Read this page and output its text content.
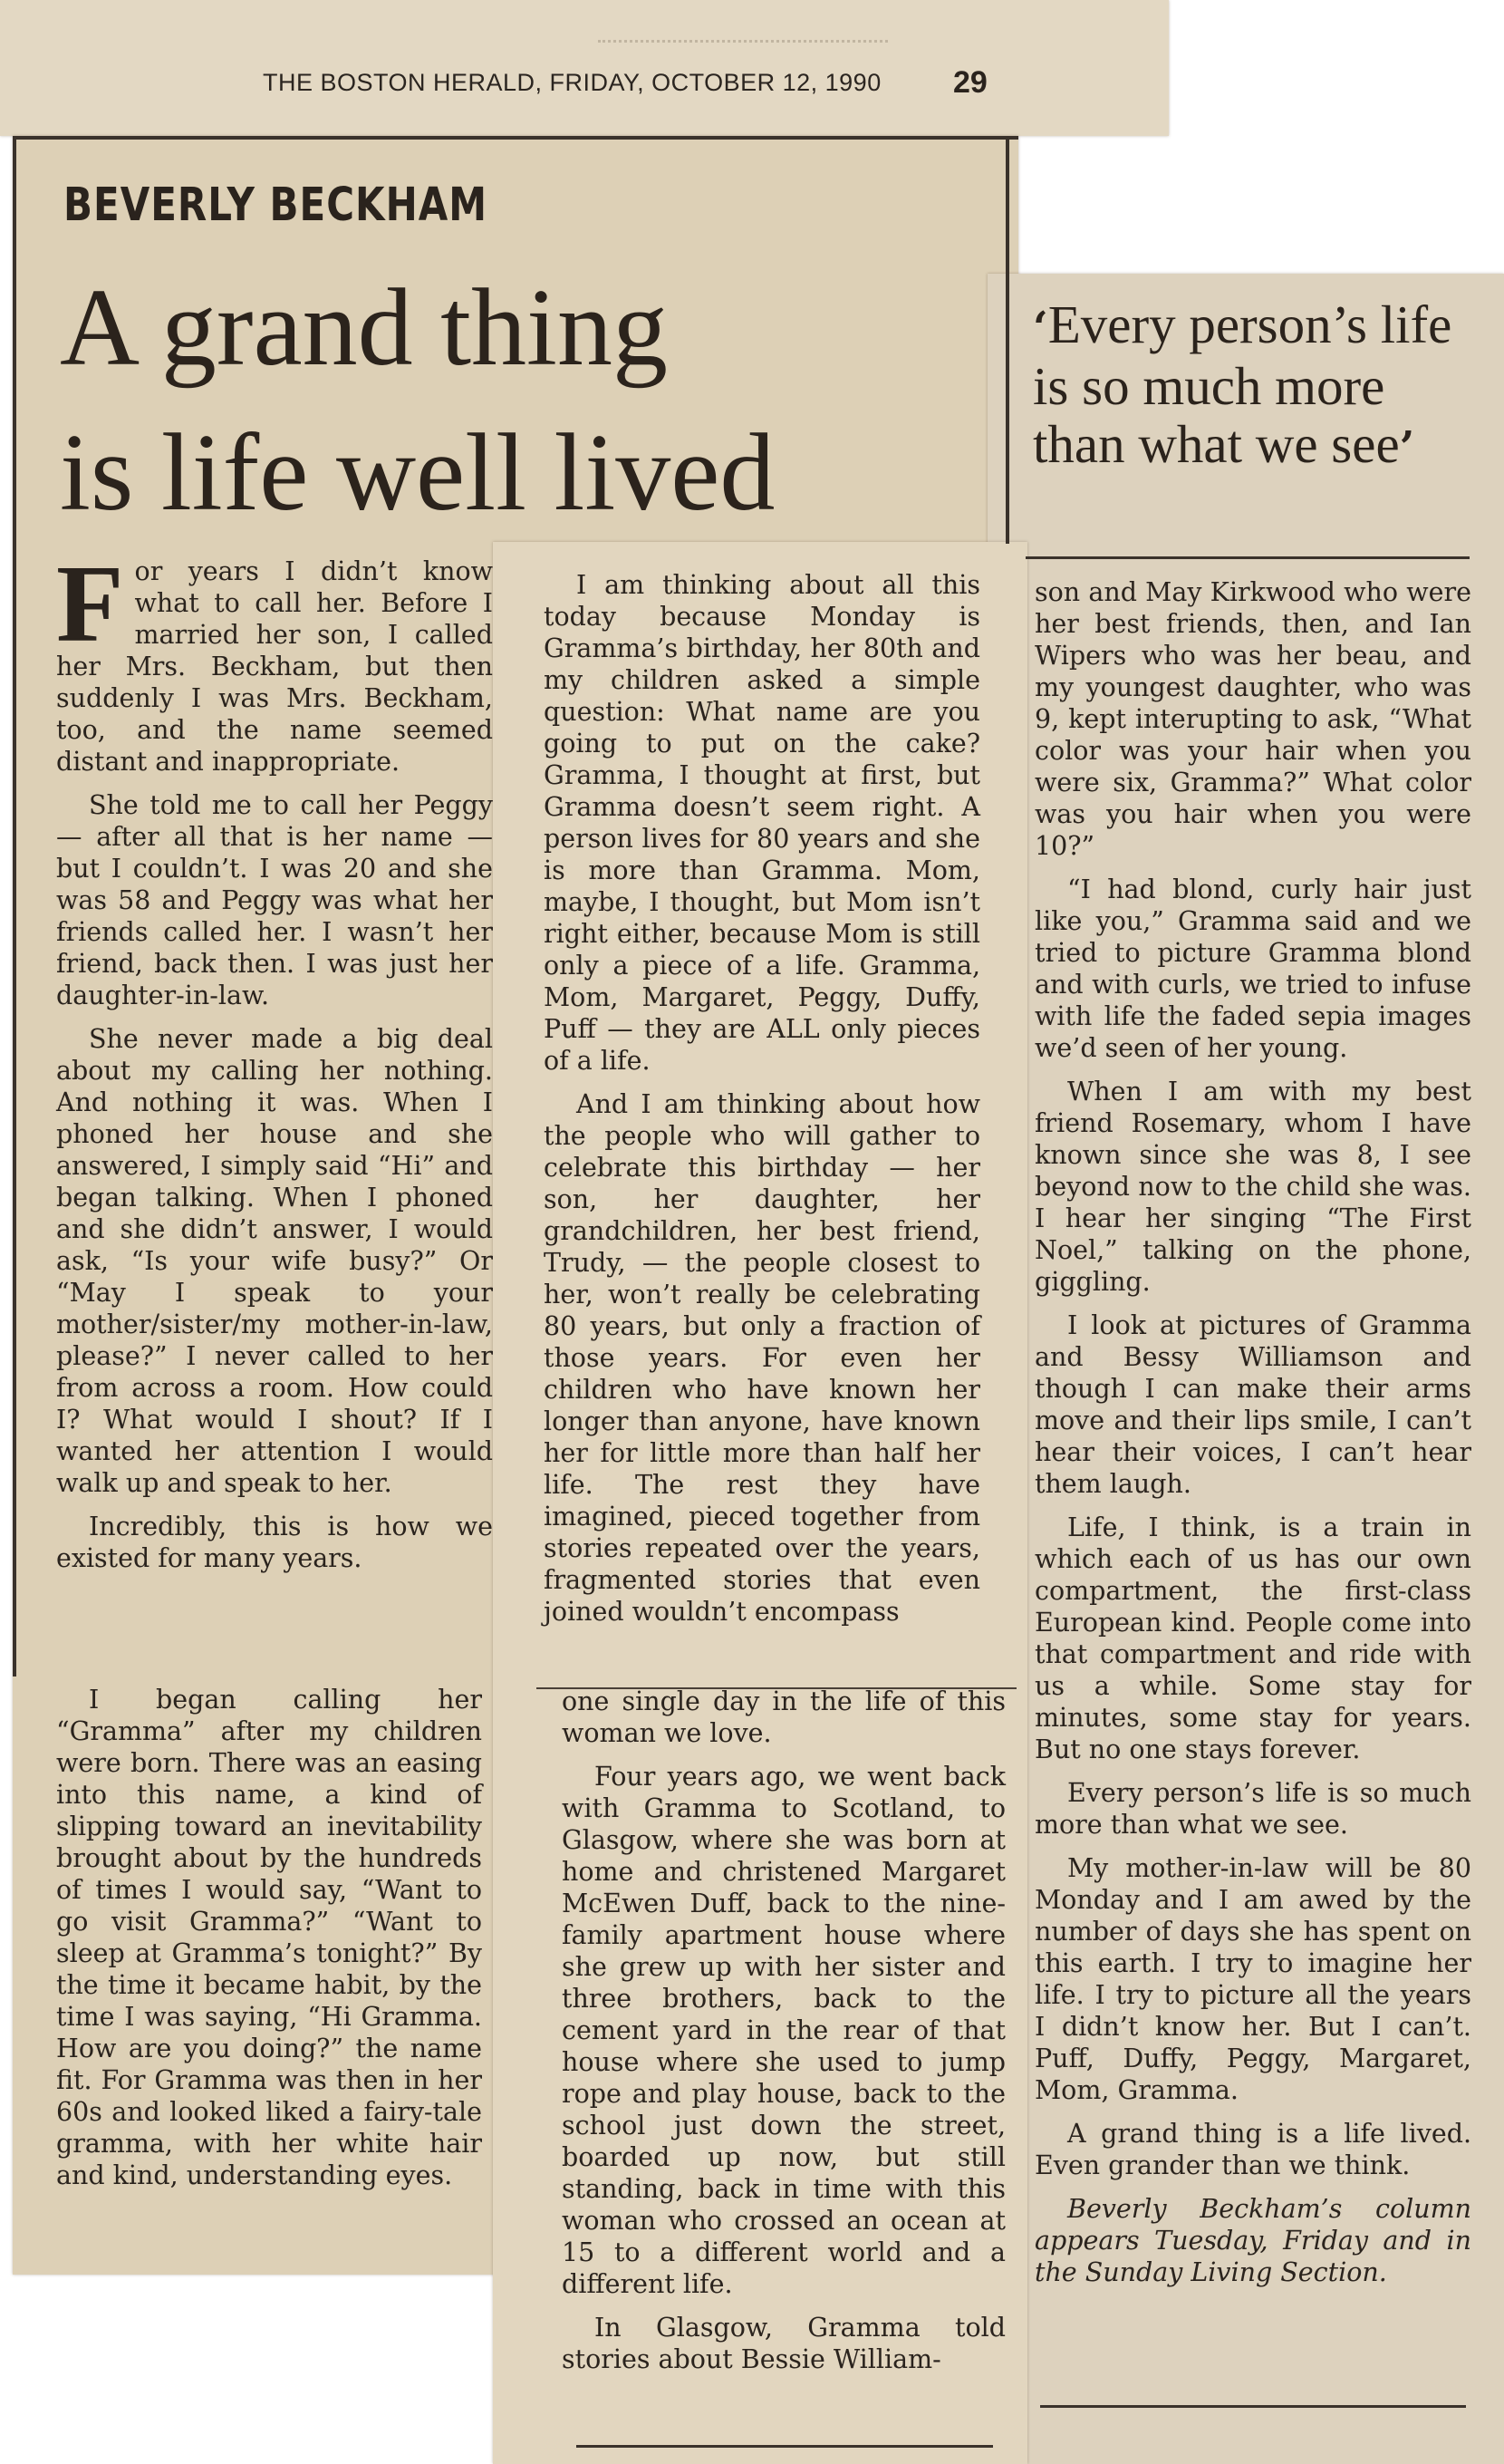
THE BOSTON HERALD, FRIDAY, OCTOBER 12, 1990 29
BEVERLY BECKHAM
A grand thing
is life well lived
‘Every person’s life is so much more than what we see’

For years I didn’t know what to call her. Before I married her son, I called her Mrs. Beckham, but then suddenly I was Mrs. Beckham, too, and the name seemed distant and inappropriate.

She told me to call her Peggy — after all that is her name — but I couldn’t. I was 20 and she was 58 and Peggy was what her friends called her. I wasn’t her friend, back then. I was just her daughter-in-law.

She never made a big deal about my calling her nothing. And nothing it was. When I phoned her house and she answered, I simply said “Hi” and began talking. When I phoned and she didn’t answer, I would ask, “Is your wife busy?” Or “May I speak to your mother/sister/my mother-in-law, please?” I never called to her from across a room. How could I? What would I shout? If I wanted her attention I would walk up and speak to her.

Incredibly, this is how we existed for many years.

I began calling her “Gramma” after my children were born. There was an easing into this name, a kind of slipping toward an inevitability brought about by the hundreds of times I would say, “Want to go visit Gramma?” “Want to sleep at Gramma’s tonight?” By the time it became habit, by the time I was saying, “Hi Gramma. How are you doing?” the name fit. For Gramma was then in her 60s and looked liked a fairy-tale gramma, with her white hair and kind, understanding eyes.

I am thinking about all this today because Monday is Gramma’s birthday, her 80th and my children asked a simple question: What name are you going to put on the cake? Gramma, I thought at first, but Gramma doesn’t seem right. A person lives for 80 years and she is more than Gramma. Mom, maybe, I thought, but Mom isn’t right either, because Mom is still only a piece of a life. Gramma, Mom, Margaret, Peggy, Duffy, Puff — they are ALL only pieces of a life.

And I am thinking about how the people who will gather to celebrate this birthday — her son, her daughter, her grandchildren, her best friend, Trudy, — the people closest to her, won’t really be celebrating 80 years, but only a fraction of those years. For even her children who have known her longer than anyone, have known her for little more than half her life. The rest they have imagined, pieced together from stories repeated over the years, fragmented stories that even joined wouldn’t encompass

one single day in the life of this woman we love.

Four years ago, we went back with Gramma to Scotland, to Glasgow, where she was born at home and christened Margaret McEwen Duff, back to the nine-family apartment house where she grew up with her sister and three brothers, back to the cement yard in the rear of that house where she used to jump rope and play house, back to the school just down the street, boarded up now, but still standing, back in time with this woman who crossed an ocean at 15 to a different world and a different life.

In Glasgow, Gramma told stories about Bessie William-

son and May Kirkwood who were her best friends, then, and Ian Wipers who was her beau, and my youngest daughter, who was 9, kept interupting to ask, “What color was your hair when you were six, Gramma?” What color was you hair when you were 10?”

“I had blond, curly hair just like you,” Gramma said and we tried to picture Gramma blond and with curls, we tried to infuse with life the faded sepia images we’d seen of her young.

When I am with my best friend Rosemary, whom I have known since she was 8, I see beyond now to the child she was. I hear her singing “The First Noel,” talking on the phone, giggling.

I look at pictures of Gramma and Bessy Williamson and though I can make their arms move and their lips smile, I can’t hear their voices, I can’t hear them laugh.

Life, I think, is a train in which each of us has our own compartment, the first-class European kind. People come into that compartment and ride with us a while. Some stay for minutes, some stay for years. But no one stays forever.

Every person’s life is so much more than what we see.

My mother-in-law will be 80 Monday and I am awed by the number of days she has spent on this earth. I try to imagine her life. I try to picture all the years I didn’t know her. But I can’t. Puff, Duffy, Peggy, Margaret, Mom, Gramma.

A grand thing is a life lived. Even grander than we think.

Beverly Beckham’s column appears Tuesday, Friday and in the Sunday Living Section.
